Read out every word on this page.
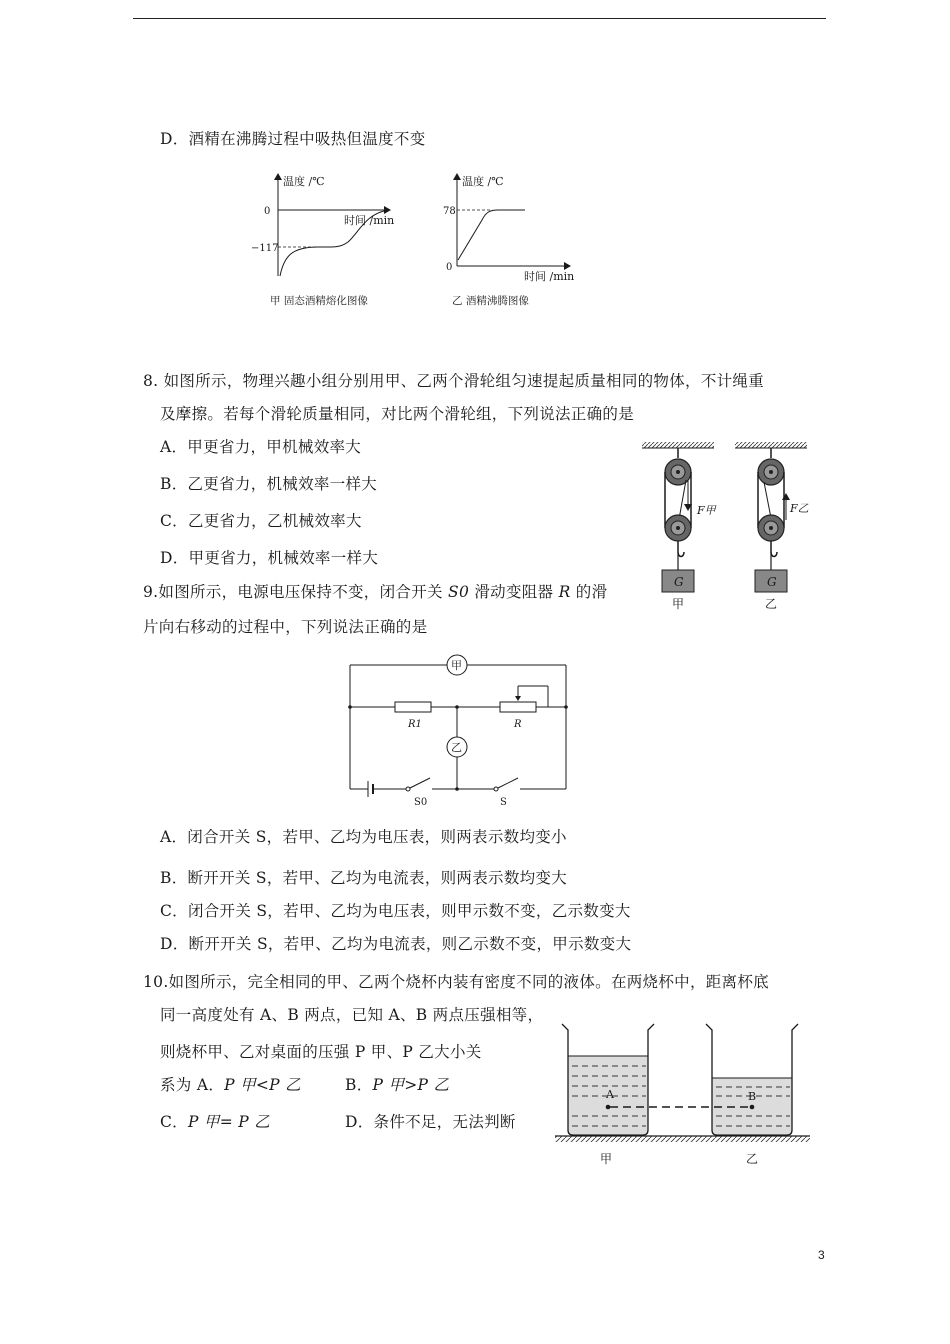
D．酒精在沸腾过程中吸热但温度不变
温度 /℃
时间 /min
0
−117
甲 固态酒精熔化图像
温度 /℃
时间 /min
78
0
乙 酒精沸腾图像
8. 如图所示，物理兴趣小组分别用甲、乙两个滑轮组匀速提起质量相同的物体，不计绳重
及摩擦。若每个滑轮质量相同，对比两个滑轮组，下列说法正确的是
A．甲更省力，甲机械效率大
B．乙更省力，机械效率一样大
C．乙更省力，乙机械效率大
D．甲更省力，机械效率一样大
G
F甲
甲
G
F乙
乙
9.如图所示，电源电压保持不变，闭合开关 S0 滑动变阻器 R 的滑
片向右移动的过程中，下列说法正确的是
甲
R1	R
乙
S0	S
A．闭合开关 S，若甲、乙均为电压表，则两表示数均变小
B．断开开关 S，若甲、乙均为电流表，则两表示数均变大
C．闭合开关 S，若甲、乙均为电压表，则甲示数不变，乙示数变大
D．断开开关 S，若甲、乙均为电流表，则乙示数不变，甲示数变大
10.如图所示，完全相同的甲、乙两个烧杯内装有密度不同的液体。在两烧杯中，距离杯底
同一高度处有 A、B 两点，已知 A、B 两点压强相等，
则烧杯甲、乙对桌面的压强 P 甲、P 乙大小关
系为 A．P 甲<P 乙	B．P 甲>P 乙
C．P 甲= P 乙	D．条件不足，无法判断
A
甲
B
乙
3
